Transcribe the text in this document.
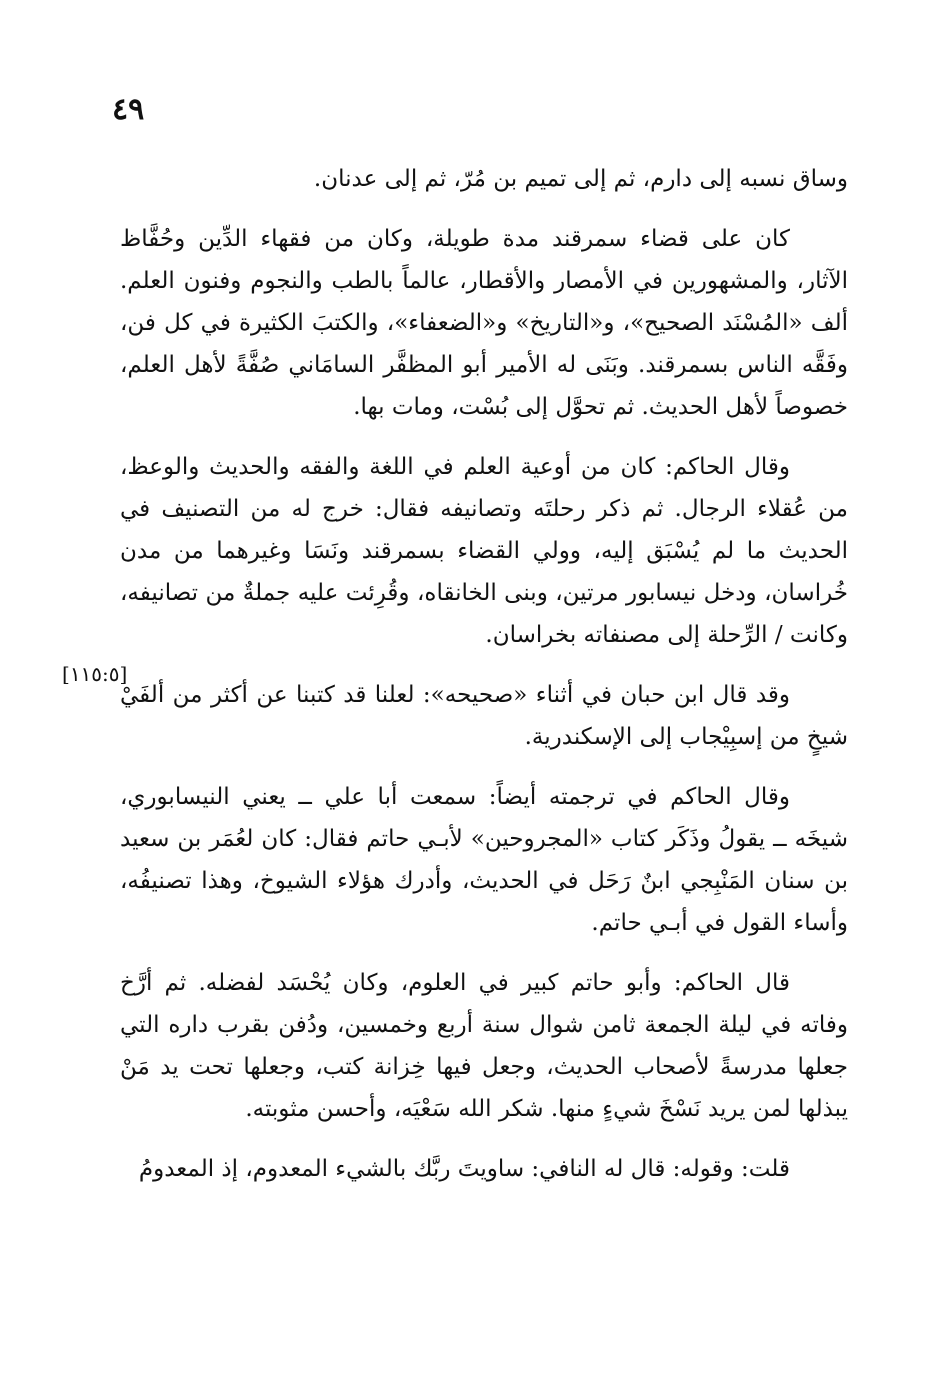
٤٩
[١١٥:٥]

وساق نسبه إلى دارم، ثم إلى تميم بن مُرّ، ثم إلى عدنان.

كان على قضاء سمرقند مدة طويلة، وكان من فقهاء الدِّين وحُفَّاظ الآثار، والمشهورين في الأمصار والأقطار، عالماً بالطب والنجوم وفنون العلم. ألف «المُسْنَد الصحيح»، و«التاريخ» و«الضعفاء»، والكتبَ الكثيرة في كل فن، وفَقَّه الناس بسمرقند. وبَنَى له الأمير أبو المظفَّر السامَاني صُفَّةً لأهل العلم، خصوصاً لأهل الحديث. ثم تحوَّل إلى بُسْت، ومات بها.

وقال الحاكم: كان من أوعية العلم في اللغة والفقه والحديث والوعظ، من عُقلاء الرجال. ثم ذكر رحلتَه وتصانيفه فقال: خرج له من التصنيف في الحديث ما لم يُسْبَق إليه، وولي القضاء بسمرقند ونَسَا وغيرهما من مدن خُراسان، ودخل نيسابور مرتين، وبنى الخانقاه، وقُرِئت عليه جملةٌ من تصانيفه، وكانت / الرِّحلة إلى مصنفاته بخراسان.

وقد قال ابن حبان في أثناء «صحيحه»: لعلنا قد كتبنا عن أكثر من ألفَيْ شيخٍ من إسبِيْجاب إلى الإسكندرية.

وقال الحاكم في ترجمته أيضاً: سمعت أبا علي ــ يعني النيسابوري، شيخَه ــ يقولُ وذَكَر كتاب «المجروحين» لأبـي حاتم فقال: كان لعُمَر بن سعيد بن سنان المَنْبِجي ابنٌ رَحَل في الحديث، وأدرك هؤلاء الشيوخ، وهذا تصنيفُه، وأساء القول في أبـي حاتم.

قال الحاكم: وأبو حاتم كبير في العلوم، وكان يُحْسَد لفضله. ثم أرَّخ وفاته في ليلة الجمعة ثامن شوال سنة أربع وخمسين، ودُفن بقرب داره التي جعلها مدرسةً لأصحاب الحديث، وجعل فيها خِزانة كتب، وجعلها تحت يد مَنْ يبذلها لمن يريد نَسْخَ شيءٍ منها. شكر الله سَعْيَه، وأحسن مثوبته.

قلت: وقوله: قال له النافي: ساويتَ ربَّك بالشيء المعدوم، إذ المعدومُ
